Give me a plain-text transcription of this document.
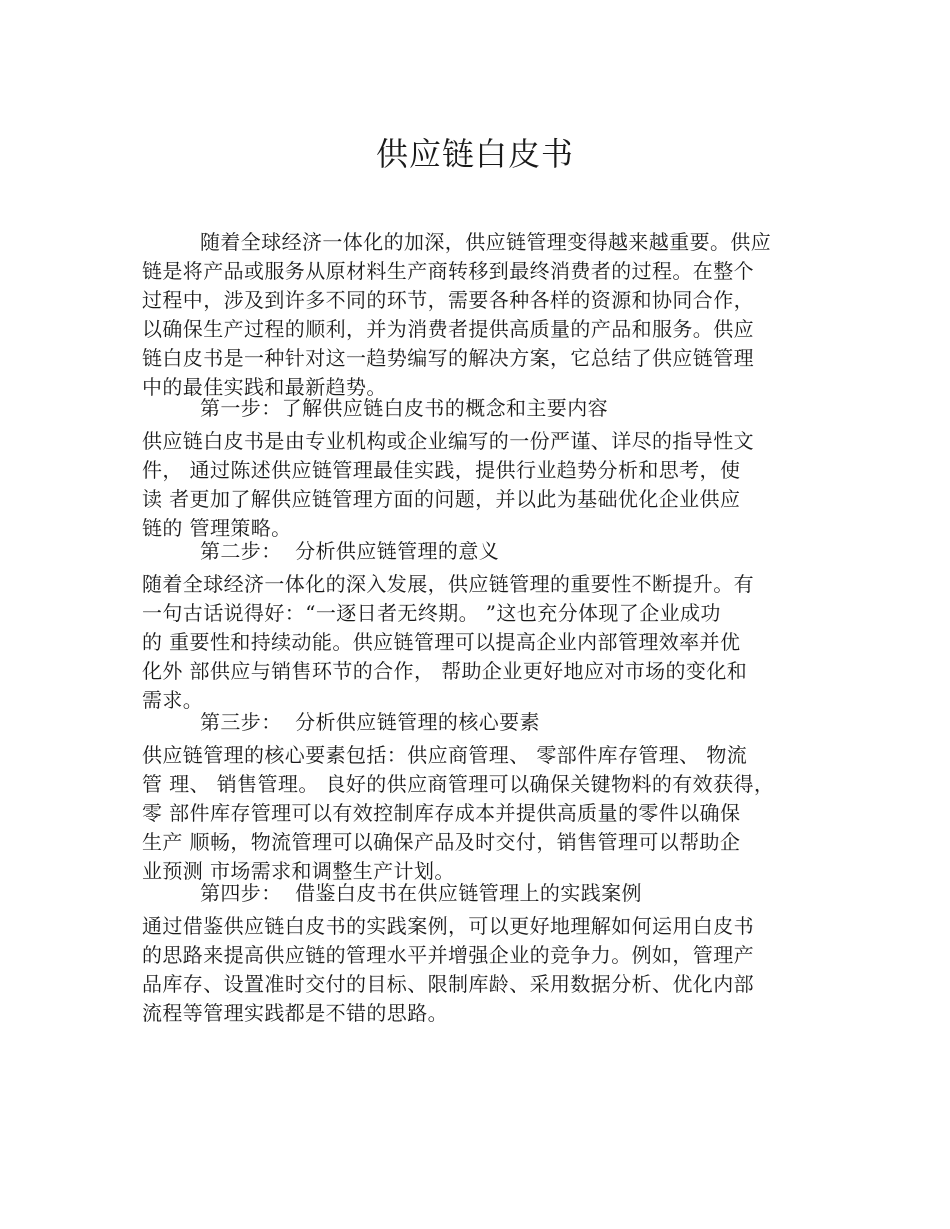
供应链白皮书
随着全球经济一体化的加深，供应链管理变得越来越重要。供应
链是将产品或服务从原材料生产商转移到最终消费者的过程。在整个
过程中，涉及到许多不同的环节，需要各种各样的资源和协同合作，
以确保生产过程的顺利，并为消费者提供高质量的产品和服务。供应
链白皮书是一种针对这一趋势编写的解决方案，它总结了供应链管理
中的最佳实践和最新趋势。
第一步：了解供应链白皮书的概念和主要内容
供应链白皮书是由专业机构或企业编写的一份严谨、详尽的指导性文
件， 通过陈述供应链管理最佳实践，提供行业趋势分析和思考，使
读 者更加了解供应链管理方面的问题，并以此为基础优化企业供应
链的 管理策略。
第二步：  分析供应链管理的意义
随着全球经济一体化的深入发展，供应链管理的重要性不断提升。有
一句古话说得好：“一逐日者无终期。 ”这也充分体现了企业成功
的 重要性和持续动能。供应链管理可以提高企业内部管理效率并优
化外 部供应与销售环节的合作， 帮助企业更好地应对市场的变化和
需求。
第三步：  分析供应链管理的核心要素
供应链管理的核心要素包括：供应商管理、 零部件库存管理、 物流
管 理、 销售管理。 良好的供应商管理可以确保关键物料的有效获得，
零 部件库存管理可以有效控制库存成本并提供高质量的零件以确保
生产 顺畅，物流管理可以确保产品及时交付，销售管理可以帮助企
业预测 市场需求和调整生产计划。
第四步：  借鉴白皮书在供应链管理上的实践案例
通过借鉴供应链白皮书的实践案例，可以更好地理解如何运用白皮书
的思路来提高供应链的管理水平并增强企业的竞争力。例如，管理产
品库存、设置准时交付的目标、限制库龄、采用数据分析、优化内部
流程等管理实践都是不错的思路。
